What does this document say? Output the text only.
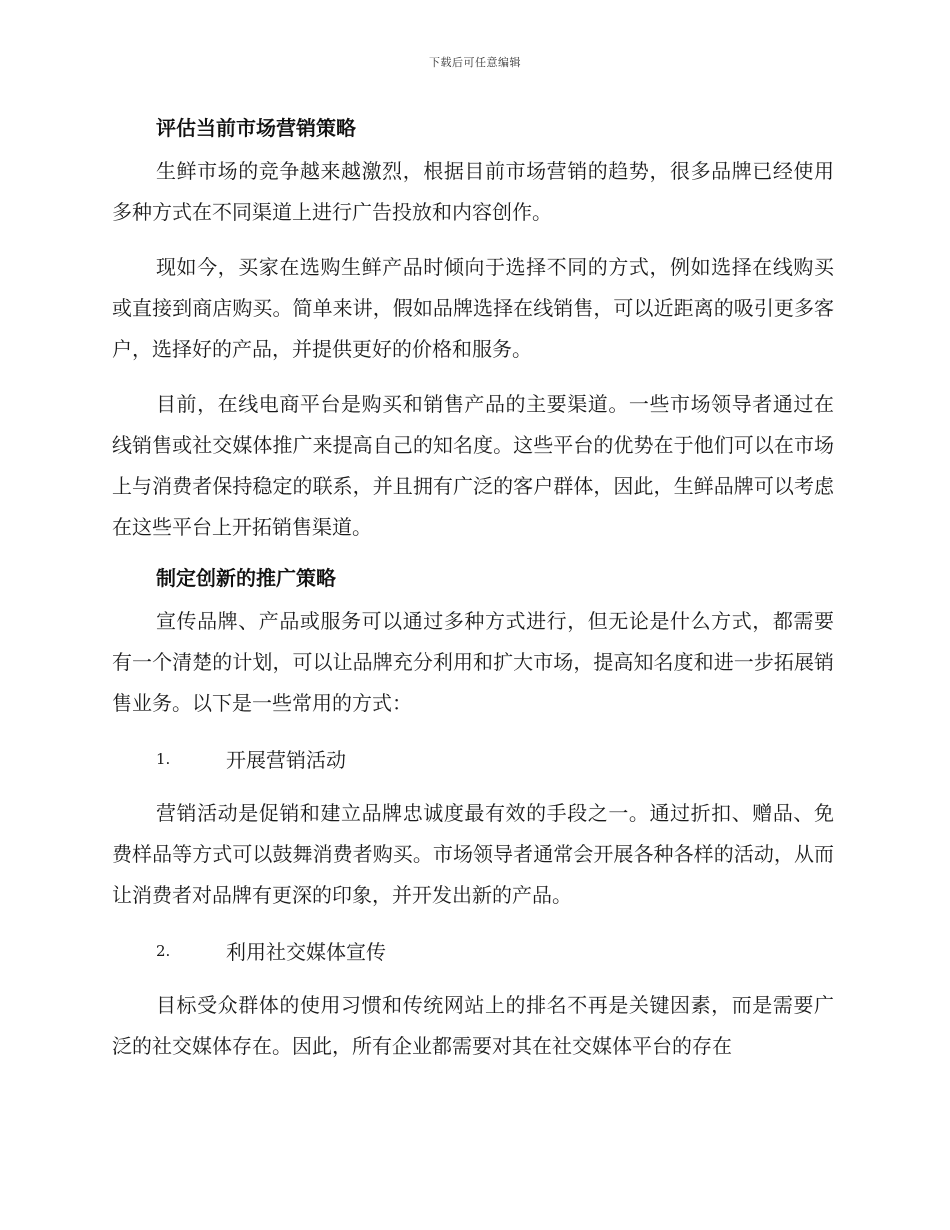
下载后可任意编辑
评估当前市场营销策略

生鲜市场的竞争越来越激烈，根据目前市场营销的趋势，很多品牌已经使用多种方式在不同渠道上进行广告投放和内容创作。

现如今，买家在选购生鲜产品时倾向于选择不同的方式，例如选择在线购买或直接到商店购买。简单来讲，假如品牌选择在线销售，可以近距离的吸引更多客户，选择好的产品，并提供更好的价格和服务。

目前，在线电商平台是购买和销售产品的主要渠道。一些市场领导者通过在线销售或社交媒体推广来提高自己的知名度。这些平台的优势在于他们可以在市场上与消费者保持稳定的联系，并且拥有广泛的客户群体，因此，生鲜品牌可以考虑在这些平台上开拓销售渠道。

制定创新的推广策略

宣传品牌、产品或服务可以通过多种方式进行，但无论是什么方式，都需要有一个清楚的计划，可以让品牌充分利用和扩大市场，提高知名度和进一步拓展销售业务。以下是一些常用的方式：

1.	开展营销活动

营销活动是促销和建立品牌忠诚度最有效的手段之一。通过折扣、赠品、免费样品等方式可以鼓舞消费者购买。市场领导者通常会开展各种各样的活动，从而让消费者对品牌有更深的印象，并开发出新的产品。

2.	利用社交媒体宣传

目标受众群体的使用习惯和传统网站上的排名不再是关键因素，而是需要广泛的社交媒体存在。因此，所有企业都需要对其在社交媒体平台的存在
